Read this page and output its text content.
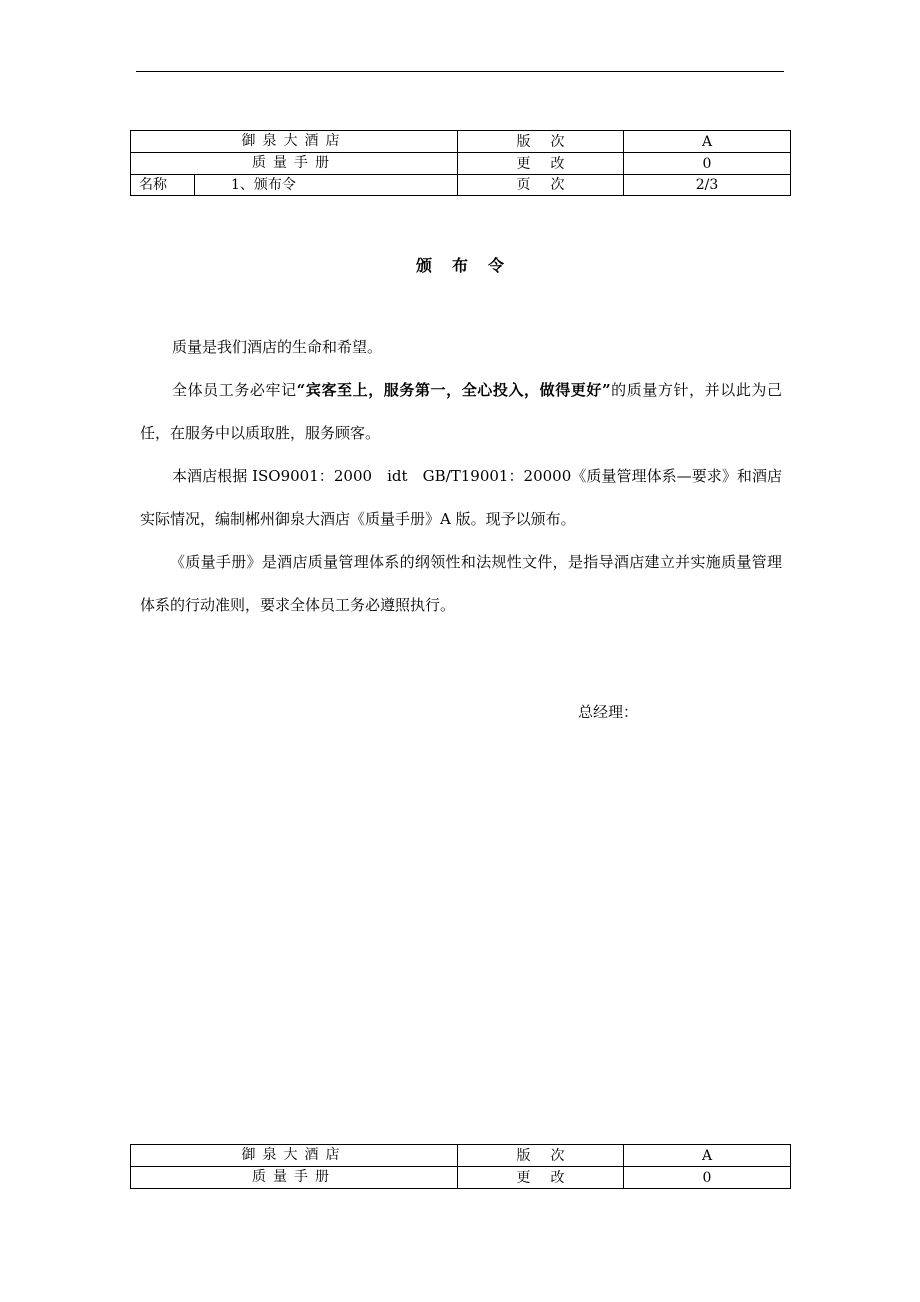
御泉大酒店		版次	A
质量手册		更改	0
名称	1、颁布令	页次	2/3
颁布令

质量是我们酒店的生命和希望。

全体员工务必牢记“宾客至上，服务第一，全心投入，做得更好”的质量方针，并以此为己任，在服务中以质取胜，服务顾客。

本酒店根据 ISO9001：2000　idt　GB/T19001：20000《质量管理体系—要求》和酒店实际情况，编制郴州御泉大酒店《质量手册》A 版。现予以颁布。

《质量手册》是酒店质量管理体系的纲领性和法规性文件，是指导酒店建立并实施质量管理体系的行动准则，要求全体员工务必遵照执行。

总经理：
御泉大酒店	版次	A
质量手册	更改	0
